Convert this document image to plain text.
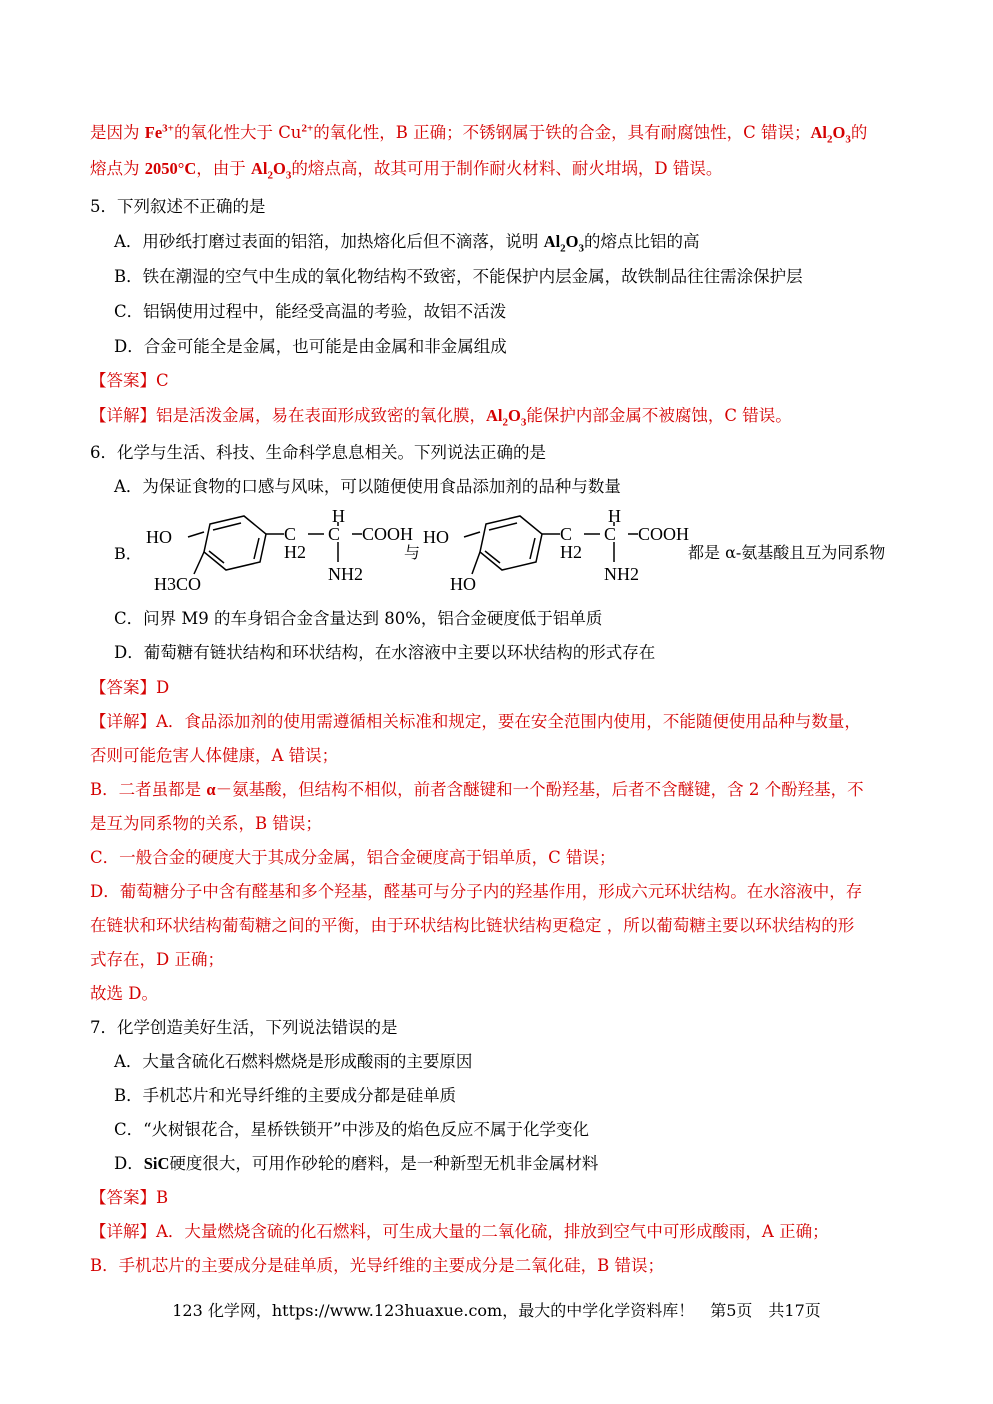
是因为 $Fe^{3+}$的氧化性大于 $Cu^{2+}$的氧化性，B 正确；不锈钢属于铁的合金，具有耐腐蚀性，C 错误；$Al_2O_3$的
熔点为 2050°C，由于 $Al_2O_3$的熔点高，故其可用于制作耐火材料、耐火坩埚，D 错误。
5．下列叙述不正确的是
A．用砂纸打磨过表面的铝箔，加热熔化后但不滴落，说明 $Al_2O_3$的熔点比铝的高
B．铁在潮湿的空气中生成的氧化物结构不致密，不能保护内层金属，故铁制品往往需涂保护层
C．铝锅使用过程中，能经受高温的考验，故铝不活泼
D．合金可能全是金属，也可能是由金属和非金属组成
【答案】C
【详解】铝是活泼金属，易在表面形成致密的氧化膜，$Al_2O_3$能保护内部金属不被腐蚀，C 错误。
6．化学与生活、科技、生命科学息息相关。下列说法正确的是
A．为保证食物的口感与风味，可以随便使用食品添加剂的品种与数量
B．
HO
H3CO
C
H2
H
C COOH
NH2
与
HO
HO
C
H2
H
C COOH
NH2
都是 α-氨基酸且互为同系物
C．问界 M9 的车身铝合金含量达到 80%，铝合金硬度低于铝单质
D．葡萄糖有链状结构和环状结构，在水溶液中主要以环状结构的形式存在
【答案】D
【详解】A．食品添加剂的使用需遵循相关标准和规定，要在安全范围内使用，不能随便使用品种与数量，
否则可能危害人体健康，A 错误；
B．二者虽都是 α－氨基酸，但结构不相似，前者含醚键和一个酚羟基，后者不含醚键，含 2 个酚羟基，不
是互为同系物的关系，B 错误；
C．一般合金的硬度大于其成分金属，铝合金硬度高于铝单质，C 错误；
D．葡萄糖分子中含有醛基和多个羟基，醛基可与分子内的羟基作用，形成六元环状结构。在水溶液中，存
在链状和环状结构葡萄糖之间的平衡，由于环状结构比链状结构更稳定 ，所以葡萄糖主要以环状结构的形
式存在，D 正确；
故选 D。
7．化学创造美好生活，下列说法错误的是
A．大量含硫化石燃料燃烧是形成酸雨的主要原因
B．手机芯片和光导纤维的主要成分都是硅单质
C．“火树银花合，星桥铁锁开”中涉及的焰色反应不属于化学变化
D．SiC硬度很大，可用作砂轮的磨料，是一种新型无机非金属材料
【答案】B
【详解】A．大量燃烧含硫的化石燃料，可生成大量的二氧化硫，排放到空气中可形成酸雨，A 正确；
B．手机芯片的主要成分是硅单质，光导纤维的主要成分是二氧化硅，B 错误；
123 化学网，https://www.123huaxue.com，最大的中学化学资料库！　第5页　共17页
